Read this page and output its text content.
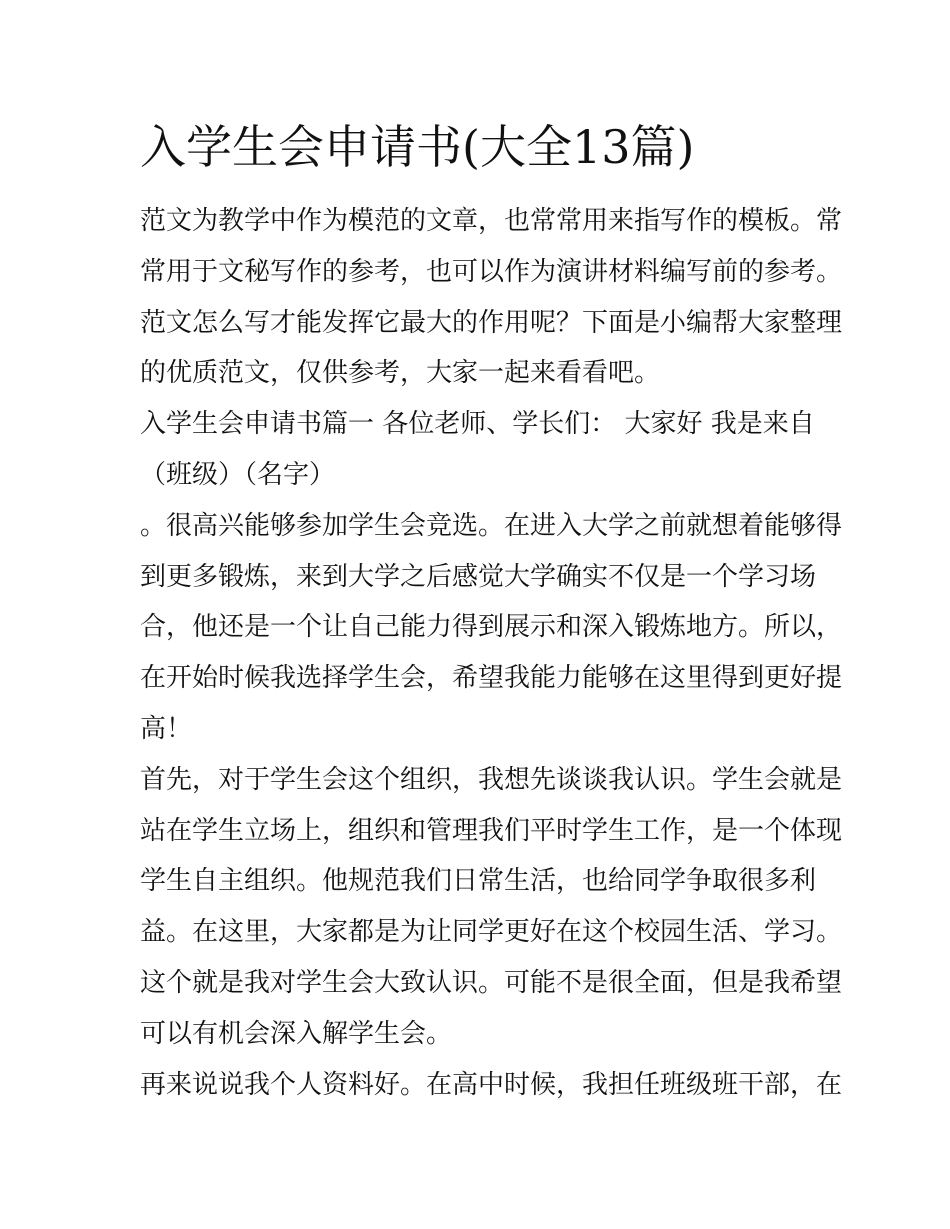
入学生会申请书(大全13篇)
范文为教学中作为模范的文章，也常常用来指写作的模板。常
常用于文秘写作的参考，也可以作为演讲材料编写前的参考。
范文怎么写才能发挥它最大的作用呢？下面是小编帮大家整理
的优质范文，仅供参考，大家一起来看看吧。
入学生会申请书篇一 各位老师、学长们： 大家好 我是来自
（班级）（名字）
。很高兴能够参加学生会竞选。在进入大学之前就想着能够得
到更多锻炼，来到大学之后感觉大学确实不仅是一个学习场
合，他还是一个让自己能力得到展示和深入锻炼地方。所以，
在开始时候我选择学生会，希望我能力能够在这里得到更好提
高！
首先，对于学生会这个组织，我想先谈谈我认识。学生会就是
站在学生立场上，组织和管理我们平时学生工作，是一个体现
学生自主组织。他规范我们日常生活，也给同学争取很多利
益。在这里，大家都是为让同学更好在这个校园生活、学习。
这个就是我对学生会大致认识。可能不是很全面，但是我希望
可以有机会深入解学生会。
再来说说我个人资料好。在高中时候，我担任班级班干部，在
